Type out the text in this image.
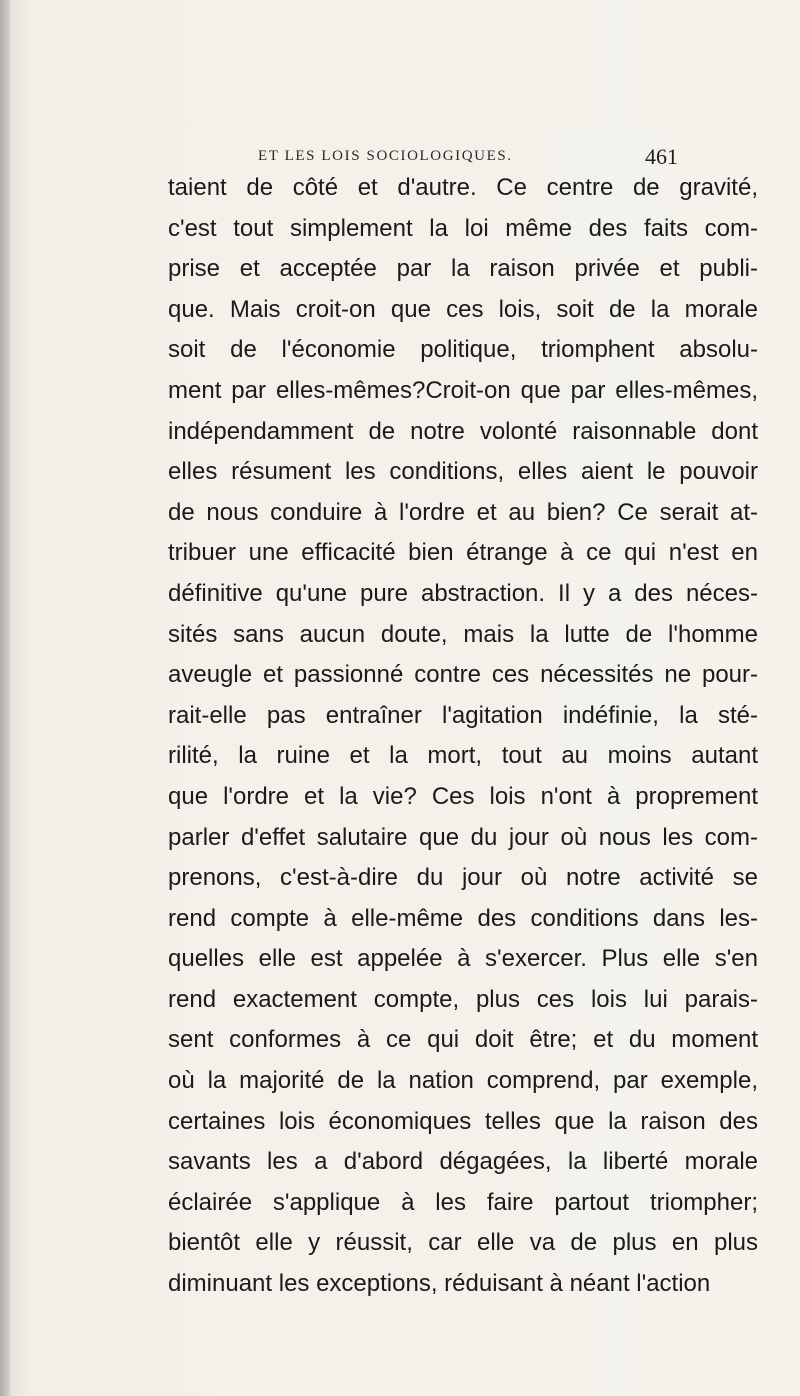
ET LES LOIS SOCIOLOGIQUES.	461
taient de côté et d'autre. Ce centre de gravité,
c'est tout simplement la loi même des faits com-
prise et acceptée par la raison privée et publi-
que. Mais croit-on que ces lois, soit de la morale
soit de l'économie politique, triomphent absolu-
ment par elles-mêmes?Croit-on que par elles-mêmes,
indépendamment de notre volonté raisonnable dont
elles résument les conditions, elles aient le pouvoir
de nous conduire à l'ordre et au bien? Ce serait at-
tribuer une efficacité bien étrange à ce qui n'est en
définitive qu'une pure abstraction. Il y a des néces-
sités sans aucun doute, mais la lutte de l'homme
aveugle et passionné contre ces nécessités ne pour-
rait-elle pas entraîner l'agitation indéfinie, la sté-
rilité, la ruine et la mort, tout au moins autant
que l'ordre et la vie? Ces lois n'ont à proprement
parler d'effet salutaire que du jour où nous les com-
prenons, c'est-à-dire du jour où notre activité se
rend compte à elle-même des conditions dans les-
quelles elle est appelée à s'exercer. Plus elle s'en
rend exactement compte, plus ces lois lui parais-
sent conformes à ce qui doit être; et du moment
où la majorité de la nation comprend, par exemple,
certaines lois économiques telles que la raison des
savants les a d'abord dégagées, la liberté morale
éclairée s'applique à les faire partout triompher;
bientôt elle y réussit, car elle va de plus en plus
diminuant les exceptions, réduisant à néant l'action
